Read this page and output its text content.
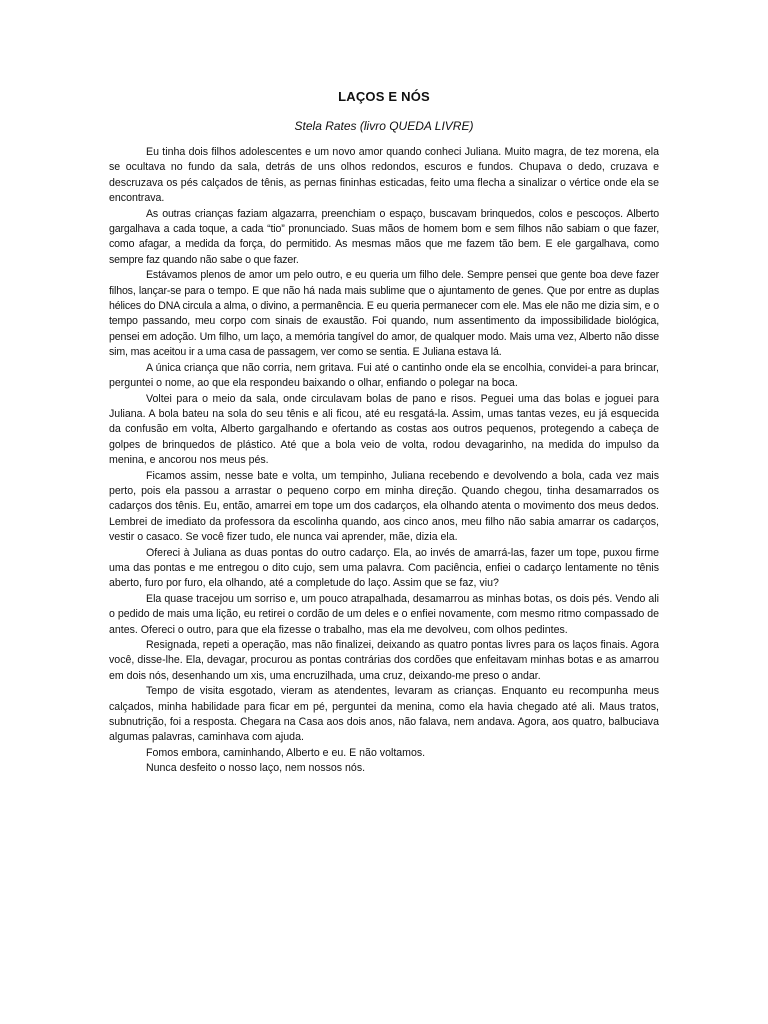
LAÇOS E NÓS

Stela Rates (livro QUEDA LIVRE)

Eu tinha dois filhos adolescentes e um novo amor quando conheci Juliana. Muito magra, de tez morena, ela se ocultava no fundo da sala, detrás de uns olhos redondos, escuros e fundos. Chupava o dedo, cruzava e descruzava os pés calçados de tênis, as pernas fininhas esticadas, feito uma flecha a sinalizar o vértice onde ela se encontrava.

As outras crianças faziam algazarra, preenchiam o espaço, buscavam brinquedos, colos e pescoços. Alberto gargalhava a cada toque, a cada “tio” pronunciado. Suas mãos de homem bom e sem filhos não sabiam o que fazer, como afagar, a medida da força, do permitido. As mesmas mãos que me fazem tão bem. E ele gargalhava, como sempre faz quando não sabe o que fazer.

Estávamos plenos de amor um pelo outro, e eu queria um filho dele. Sempre pensei que gente boa deve fazer filhos, lançar-se para o tempo. E que não há nada mais sublime que o ajuntamento de genes. Que por entre as duplas hélices do DNA circula a alma, o divino, a permanência. E eu queria permanecer com ele. Mas ele não me dizia sim, e o tempo passando, meu corpo com sinais de exaustão. Foi quando, num assentimento da impossibilidade biológica, pensei em adoção. Um filho, um laço, a memória tangível do amor, de qualquer modo. Mais uma vez, Alberto não disse sim, mas aceitou ir a uma casa de passagem, ver como se sentia. E Juliana estava lá.

A única criança que não corria, nem gritava. Fui até o cantinho onde ela se encolhia, convidei-a para brincar, perguntei o nome, ao que ela respondeu baixando o olhar, enfiando o polegar na boca.

Voltei para o meio da sala, onde circulavam bolas de pano e risos. Peguei uma das bolas e joguei para Juliana. A bola bateu na sola do seu tênis e ali ficou, até eu resgatá-la. Assim, umas tantas vezes, eu já esquecida da confusão em volta, Alberto gargalhando e ofertando as costas aos outros pequenos, protegendo a cabeça de golpes de brinquedos de plástico. Até que a bola veio de volta, rodou devagarinho, na medida do impulso da menina, e ancorou nos meus pés.

Ficamos assim, nesse bate e volta, um tempinho, Juliana recebendo e devolvendo a bola, cada vez mais perto, pois ela passou a arrastar o pequeno corpo em minha direção. Quando chegou, tinha desamarrados os cadarços dos tênis. Eu, então, amarrei em tope um dos cadarços, ela olhando atenta o movimento dos meus dedos. Lembrei de imediato da professora da escolinha quando, aos cinco anos, meu filho não sabia amarrar os cadarços, vestir o casaco. Se você fizer tudo, ele nunca vai aprender, mãe, dizia ela.

Ofereci à Juliana as duas pontas do outro cadarço. Ela, ao invés de amarrá-las, fazer um tope, puxou firme uma das pontas e me entregou o dito cujo, sem uma palavra. Com paciência, enfiei o cadarço lentamente no tênis aberto, furo por furo, ela olhando, até a completude do laço. Assim que se faz, viu?

Ela quase tracejou um sorriso e, um pouco atrapalhada, desamarrou as minhas botas, os dois pés. Vendo ali o pedido de mais uma lição, eu retirei o cordão de um deles e o enfiei novamente, com mesmo ritmo compassado de antes. Ofereci o outro, para que ela fizesse o trabalho, mas ela me devolveu, com olhos pedintes.

Resignada, repeti a operação, mas não finalizei, deixando as quatro pontas livres para os laços finais. Agora você, disse-lhe. Ela, devagar, procurou as pontas contrárias dos cordões que enfeitavam minhas botas e as amarrou em dois nós, desenhando um xis, uma encruzilhada, uma cruz, deixando-me preso o andar.

Tempo de visita esgotado, vieram as atendentes, levaram as crianças. Enquanto eu recompunha meus calçados, minha habilidade para ficar em pé, perguntei da menina, como ela havia chegado até ali. Maus tratos, subnutrição, foi a resposta. Chegara na Casa aos dois anos, não falava, nem andava. Agora, aos quatro, balbuciava algumas palavras, caminhava com ajuda.

Fomos embora, caminhando, Alberto e eu. E não voltamos.

Nunca desfeito o nosso laço, nem nossos nós.
